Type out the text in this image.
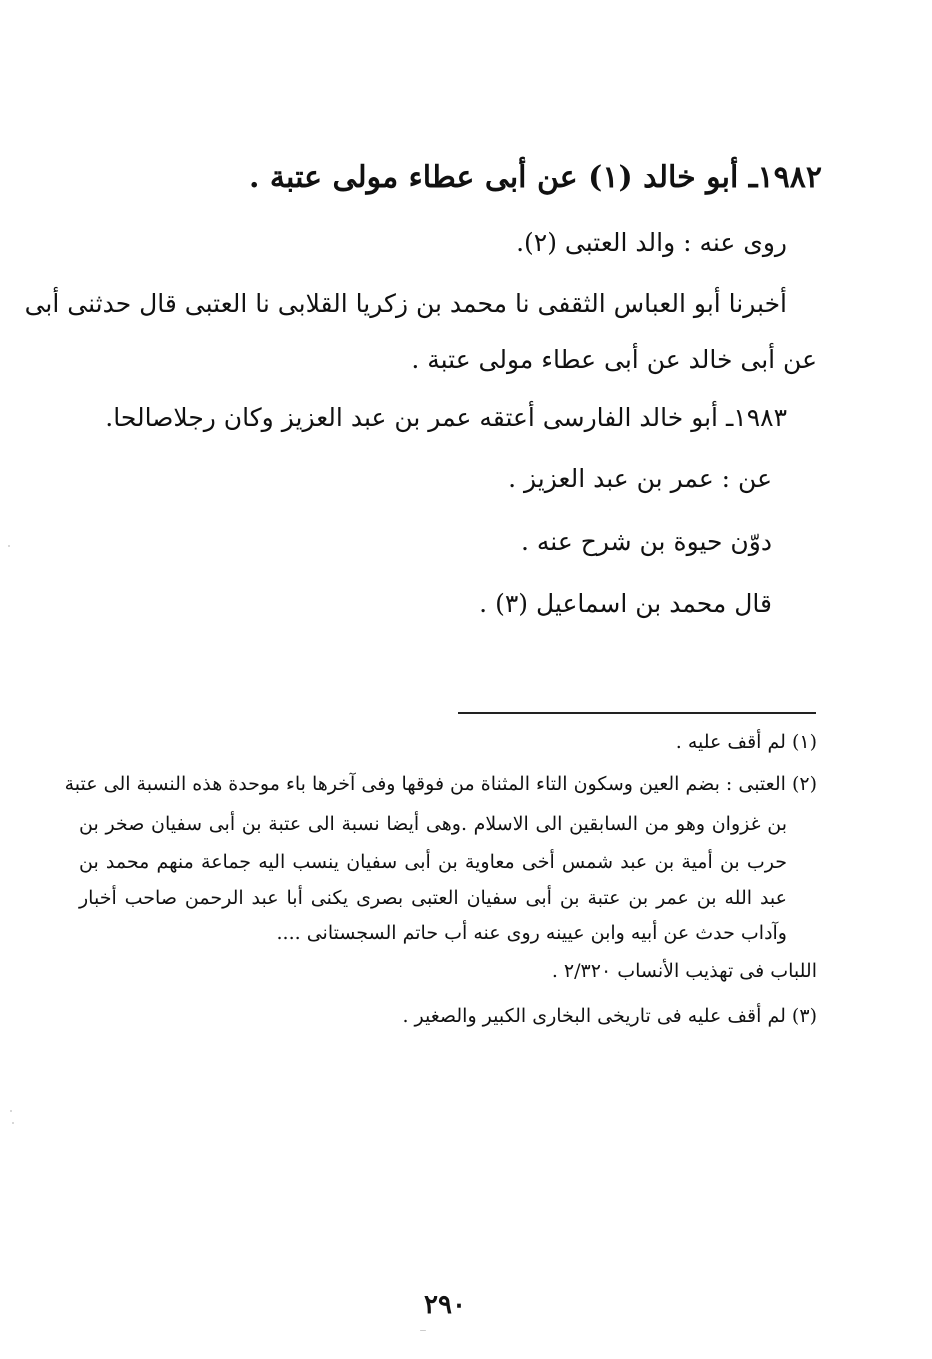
١٩٨٢ـ أبو خالد (١) عن أبى عطاء مولى عتبة .
روى عنه : والد العتبى (٢).
أخبرنا أبو العباس الثقفى نا محمد بن زكريا القلابى نا العتبى قال حدثنى أبى
عن أبى خالد عن أبى عطاء مولى عتبة .
١٩٨٣ـ أبو خالد الفارسى أعتقه عمر بن عبد العزيز وكان رجلاصالحا.
عن : عمر بن عبد العزيز .
دوّن حيوة بن شرح عنه .
قال محمد بن اسماعيل (٣) .
(١) لم أقف عليه .
(٢) العتبى : بضم العين وسكون التاء المثناة من فوقها وفى آخرها باء موحدة هذه النسبة الى عتبة
بن غزوان وهو من السابقين الى الاسلام .وهى أيضا نسبة الى عتبة بن أبى سفيان صخر بن
حرب بن أمية بن عبد شمس أخى معاوية بن أبى سفيان ينسب اليه جماعة منهم محمد بن
عبد الله بن عمر بن عتبة بن أبى سفيان العتبى بصرى يكنى أبا عبد الرحمن صاحب أخبار
وآداب حدث عن أبيه وابن عيينه روى عنه أب حاتم السجستانى ....
اللباب فى تهذيب الأنساب ٢/٣٢٠ .
(٣) لم أقف عليه فى تاريخى البخارى الكبير والصغير .
٢٩٠
